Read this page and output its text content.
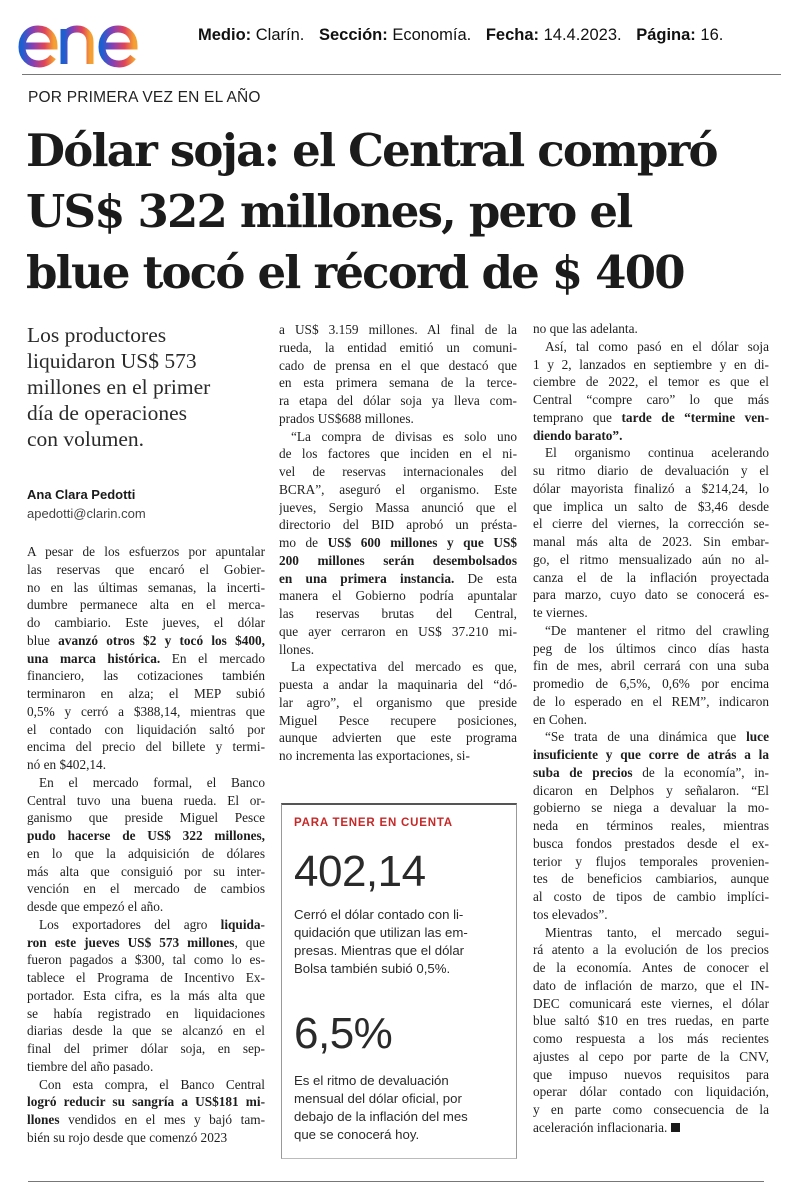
Medio: Clarín. Sección: Economía. Fecha: 14.4.2023. Página: 16.
POR PRIMERA VEZ EN EL AÑO
Dólar soja: el Central compró
US$ 322 millones, pero el
blue tocó el récord de $ 400

Los productores
liquidaron US$ 573
millones en el primer
día de operaciones
con volumen.

Ana Clara Pedotti
apedotti@clarin.com
A pesar de los esfuerzos por apuntalar
las reservas que encaró el Gobier-
no en las últimas semanas, la incerti-
dumbre permanece alta en el merca-
do cambiario. Este jueves, el dólar
blue avanzó otros $2 y tocó los $400,
una marca histórica. En el mercado
financiero, las cotizaciones también
terminaron en alza; el MEP subió
0,5% y cerró a $388,14, mientras que
el contado con liquidación saltó por
encima del precio del billete y termi-
nó en $402,14.
En el mercado formal, el Banco
Central tuvo una buena rueda. El or-
ganismo que preside Miguel Pesce
pudo hacerse de US$ 322 millones,
en lo que la adquisición de dólares
más alta que consiguió por su inter-
vención en el mercado de cambios
desde que empezó el año.
Los exportadores del agro liquida-
ron este jueves US$ 573 millones, que
fueron pagados a $300, tal como lo es-
tablece el Programa de Incentivo Ex-
portador. Esta cifra, es la más alta que
se había registrado en liquidaciones
diarias desde la que se alcanzó en el
final del primer dólar soja, en sep-
tiembre del año pasado.
Con esta compra, el Banco Central
logró reducir su sangría a US$181 mi-
llones vendidos en el mes y bajó tam-
bién su rojo desde que comenzó 2023
a US$ 3.159 millones. Al final de la
rueda, la entidad emitió un comuni-
cado de prensa en el que destacó que
en esta primera semana de la terce-
ra etapa del dólar soja ya lleva com-
prados US$688 millones.
“La compra de divisas es solo uno
de los factores que inciden en el ni-
vel de reservas internacionales del
BCRA”, aseguró el organismo. Este
jueves, Sergio Massa anunció que el
directorio del BID aprobó un présta-
mo de US$ 600 millones y que US$
200 millones serán desembolsados
en una primera instancia. De esta
manera el Gobierno podría apuntalar
las reservas brutas del Central,
que ayer cerraron en US$ 37.210 mi-
llones.
La expectativa del mercado es que,
puesta a andar la maquinaria del “dó-
lar agro”, el organismo que preside
Miguel Pesce recupere posiciones,
aunque advierten que este programa
no incrementa las exportaciones, si-
no que las adelanta.
Así, tal como pasó en el dólar soja
1 y 2, lanzados en septiembre y en di-
ciembre de 2022, el temor es que el
Central “compre caro” lo que más
temprano que tarde de “termine ven-
diendo barato”.
El organismo continua acelerando
su ritmo diario de devaluación y el
dólar mayorista finalizó a $214,24, lo
que implica un salto de $3,46 desde
el cierre del viernes, la corrección se-
manal más alta de 2023. Sin embar-
go, el ritmo mensualizado aún no al-
canza el de la inflación proyectada
para marzo, cuyo dato se conocerá es-
te viernes.
“De mantener el ritmo del crawling
peg de los últimos cinco días hasta
fin de mes, abril cerrará con una suba
promedio de 6,5%, 0,6% por encima
de lo esperado en el REM”, indicaron
en Cohen.
“Se trata de una dinámica que luce
insuficiente y que corre de atrás a la
suba de precios de la economía”, in-
dicaron en Delphos y señalaron. “El
gobierno se niega a devaluar la mo-
neda en términos reales, mientras
busca fondos prestados desde el ex-
terior y flujos temporales provenien-
tes de beneficios cambiarios, aunque
al costo de tipos de cambio implíci-
tos elevados”.
Mientras tanto, el mercado segui-
rá atento a la evolución de los precios
de la economía. Antes de conocer el
dato de inflación de marzo, que el IN-
DEC comunicará este viernes, el dólar
blue saltó $10 en tres ruedas, en parte
como respuesta a los más recientes
ajustes al cepo por parte de la CNV,
que impuso nuevos requisitos para
operar dólar contado con liquidación,
y en parte como consecuencia de la
aceleración inflacionaria.
PARA TENER EN CUENTA
402,14
Cerró el dólar contado con li-
quidación que utilizan las em-
presas. Mientras que el dólar
Bolsa también subió 0,5%.
6,5%
Es el ritmo de devaluación
mensual del dólar oficial, por
debajo de la inflación del mes
que se conocerá hoy.
